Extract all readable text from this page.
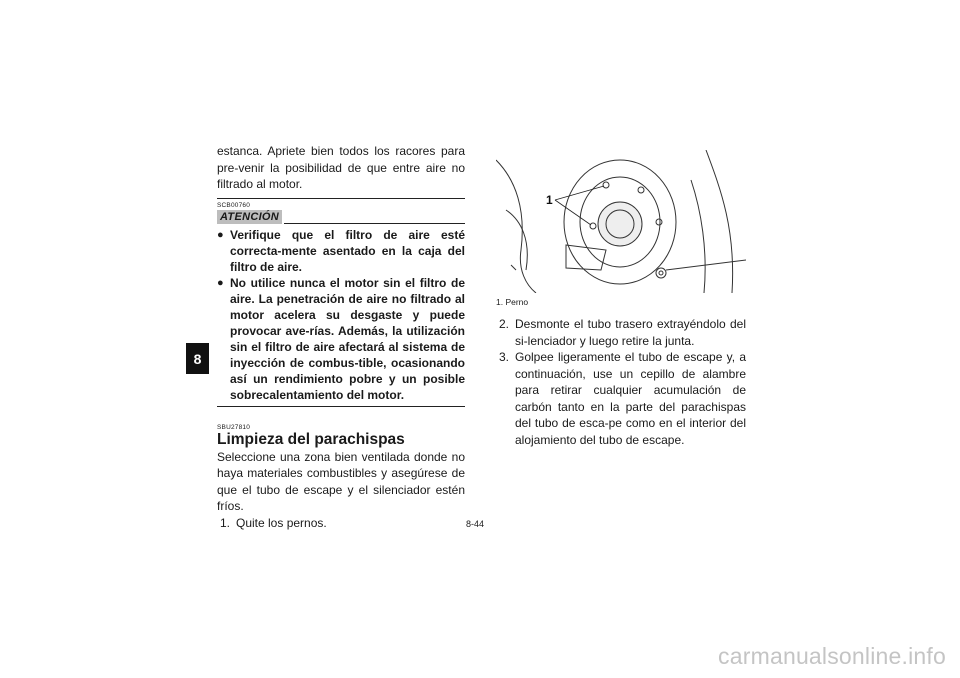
8

estanca. Apriete bien todos los racores para pre-venir la posibilidad de que entre aire no filtrado al motor.

SCB00760

ATENCIÓN
● Verifique que el filtro de aire esté correcta-mente asentado en la caja del filtro de aire.
● No utilice nunca el motor sin el filtro de aire. La penetración de aire no filtrado al motor acelera su desgaste y puede provocar ave-rías. Además, la utilización sin el filtro de aire afectará al sistema de inyección de combus-tible, ocasionando así un rendimiento pobre y un posible sobrecalentamiento del motor.

SBU27810

Limpieza del parachispas

Seleccione una zona bien ventilada donde no haya materiales combustibles y asegúrese de que el tubo de escape y el silenciador estén fríos.

1. Quite los pernos.
1

1. Perno

2. Desmonte el tubo trasero extrayéndolo del si-lenciador y luego retire la junta.
3. Golpee ligeramente el tubo de escape y, a continuación, use un cepillo de alambre para retirar cualquier acumulación de carbón tanto en la parte del parachispas del tubo de esca-pe como en el interior del alojamiento del tubo de escape.
8-44
carmanualsonline.info
